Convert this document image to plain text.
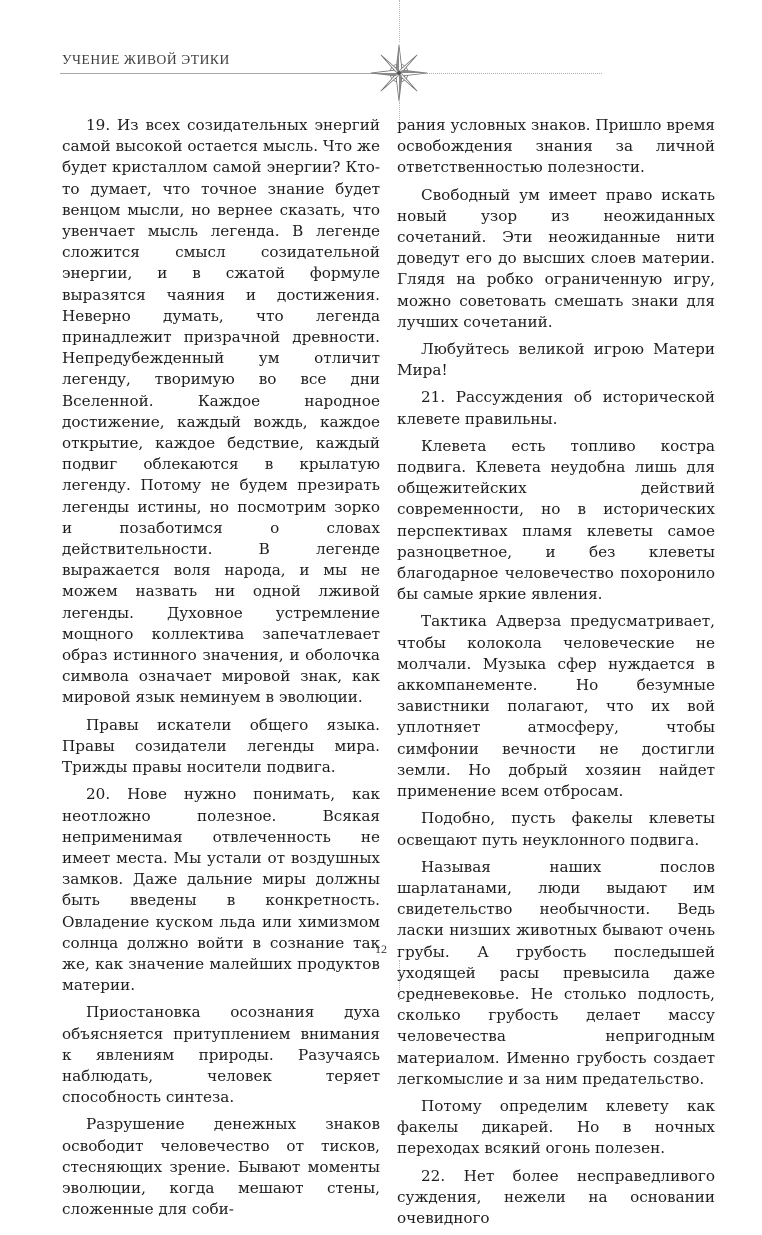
УЧЕНИЕ ЖИВОЙ ЭТИКИ

19. Из всех созидательных энергий самой высокой остается мысль. Что же будет кристаллом самой энергии? Кто-то думает, что точное знание будет венцом мысли, но вернее сказать, что увенчает мысль легенда. В легенде сложится смысл созидательной энергии, и в сжатой формуле выразятся чаяния и достижения. Неверно думать, что легенда принадлежит призрачной древности. Непредубежденный ум отличит легенду, творимую во все дни Вселенной. Каждое народное достижение, каждый вождь, каждое открытие, каждое бедствие, каждый подвиг облекаются в крылатую легенду. Потому не будем презирать легенды истины, но посмотрим зорко и позаботимся о словах действительности. В легенде выражается воля народа, и мы не можем назвать ни одной лживой легенды. Духовное устремление мощного коллектива запечатлевает образ истинного значения, и оболочка символа означает мировой знак, как мировой язык неминуем в эволюции.

Правы искатели общего языка. Правы созидатели легенды мира. Трижды правы носители подвига.

20. Нове нужно понимать, как неотложно полезное. Всякая неприменимая отвлеченность не имеет места. Мы устали от воздушных замков. Даже дальние миры должны быть введены в конкретность. Овладение куском льда или химизмом солнца должно войти в сознание так же, как значение малейших продуктов материи.

Приостановка осознания духа объясняется притуплением внимания к явлениям природы. Разучаясь наблюдать, человек теряет способность синтеза.

Разрушение денежных знаков освободит человечество от тисков, стесняющих зрение. Бывают моменты эволюции, когда мешают стены, сложенные для соби-

рания условных знаков. Пришло время освобождения знания за личной ответственностью полезности.

Свободный ум имеет право искать новый узор из неожиданных сочетаний. Эти неожиданные нити доведут его до высших слоев материи. Глядя на робко ограниченную игру, можно советовать смешать знаки для лучших сочетаний.

Любуйтесь великой игрою Матери Мира!

21. Рассуждения об исторической клевете правильны.

Клевета есть топливо костра подвига. Клевета неудобна лишь для общежитейских действий современности, но в исторических перспективах пламя клеветы самое разноцветное, и без клеветы благодарное человечество похоронило бы самые яркие явления.

Тактика Адверза предусматривает, чтобы колокола человеческие не молчали. Музыка сфер нуждается в аккомпанементе. Но безумные завистники полагают, что их вой уплотняет атмосферу, чтобы симфонии вечности не достигли земли. Но добрый хозяин найдет применение всем отбросам.

Подобно, пусть факелы клеветы освещают путь неуклонного подвига.

Называя наших послов шарлатанами, люди выдают им свидетельство необычности. Ведь ласки низших животных бывают очень грубы. А грубость последышей уходящей расы превысила даже средневековье. Не столько подлость, сколько грубость делает массу человечества непригодным материалом. Именно грубость создает легкомыслие и за ним предательство.

Потому определим клевету как факелы дикарей. Но в ночных переходах всякий огонь полезен.

22. Нет более несправедливого суждения, нежели на основании очевидного

12
